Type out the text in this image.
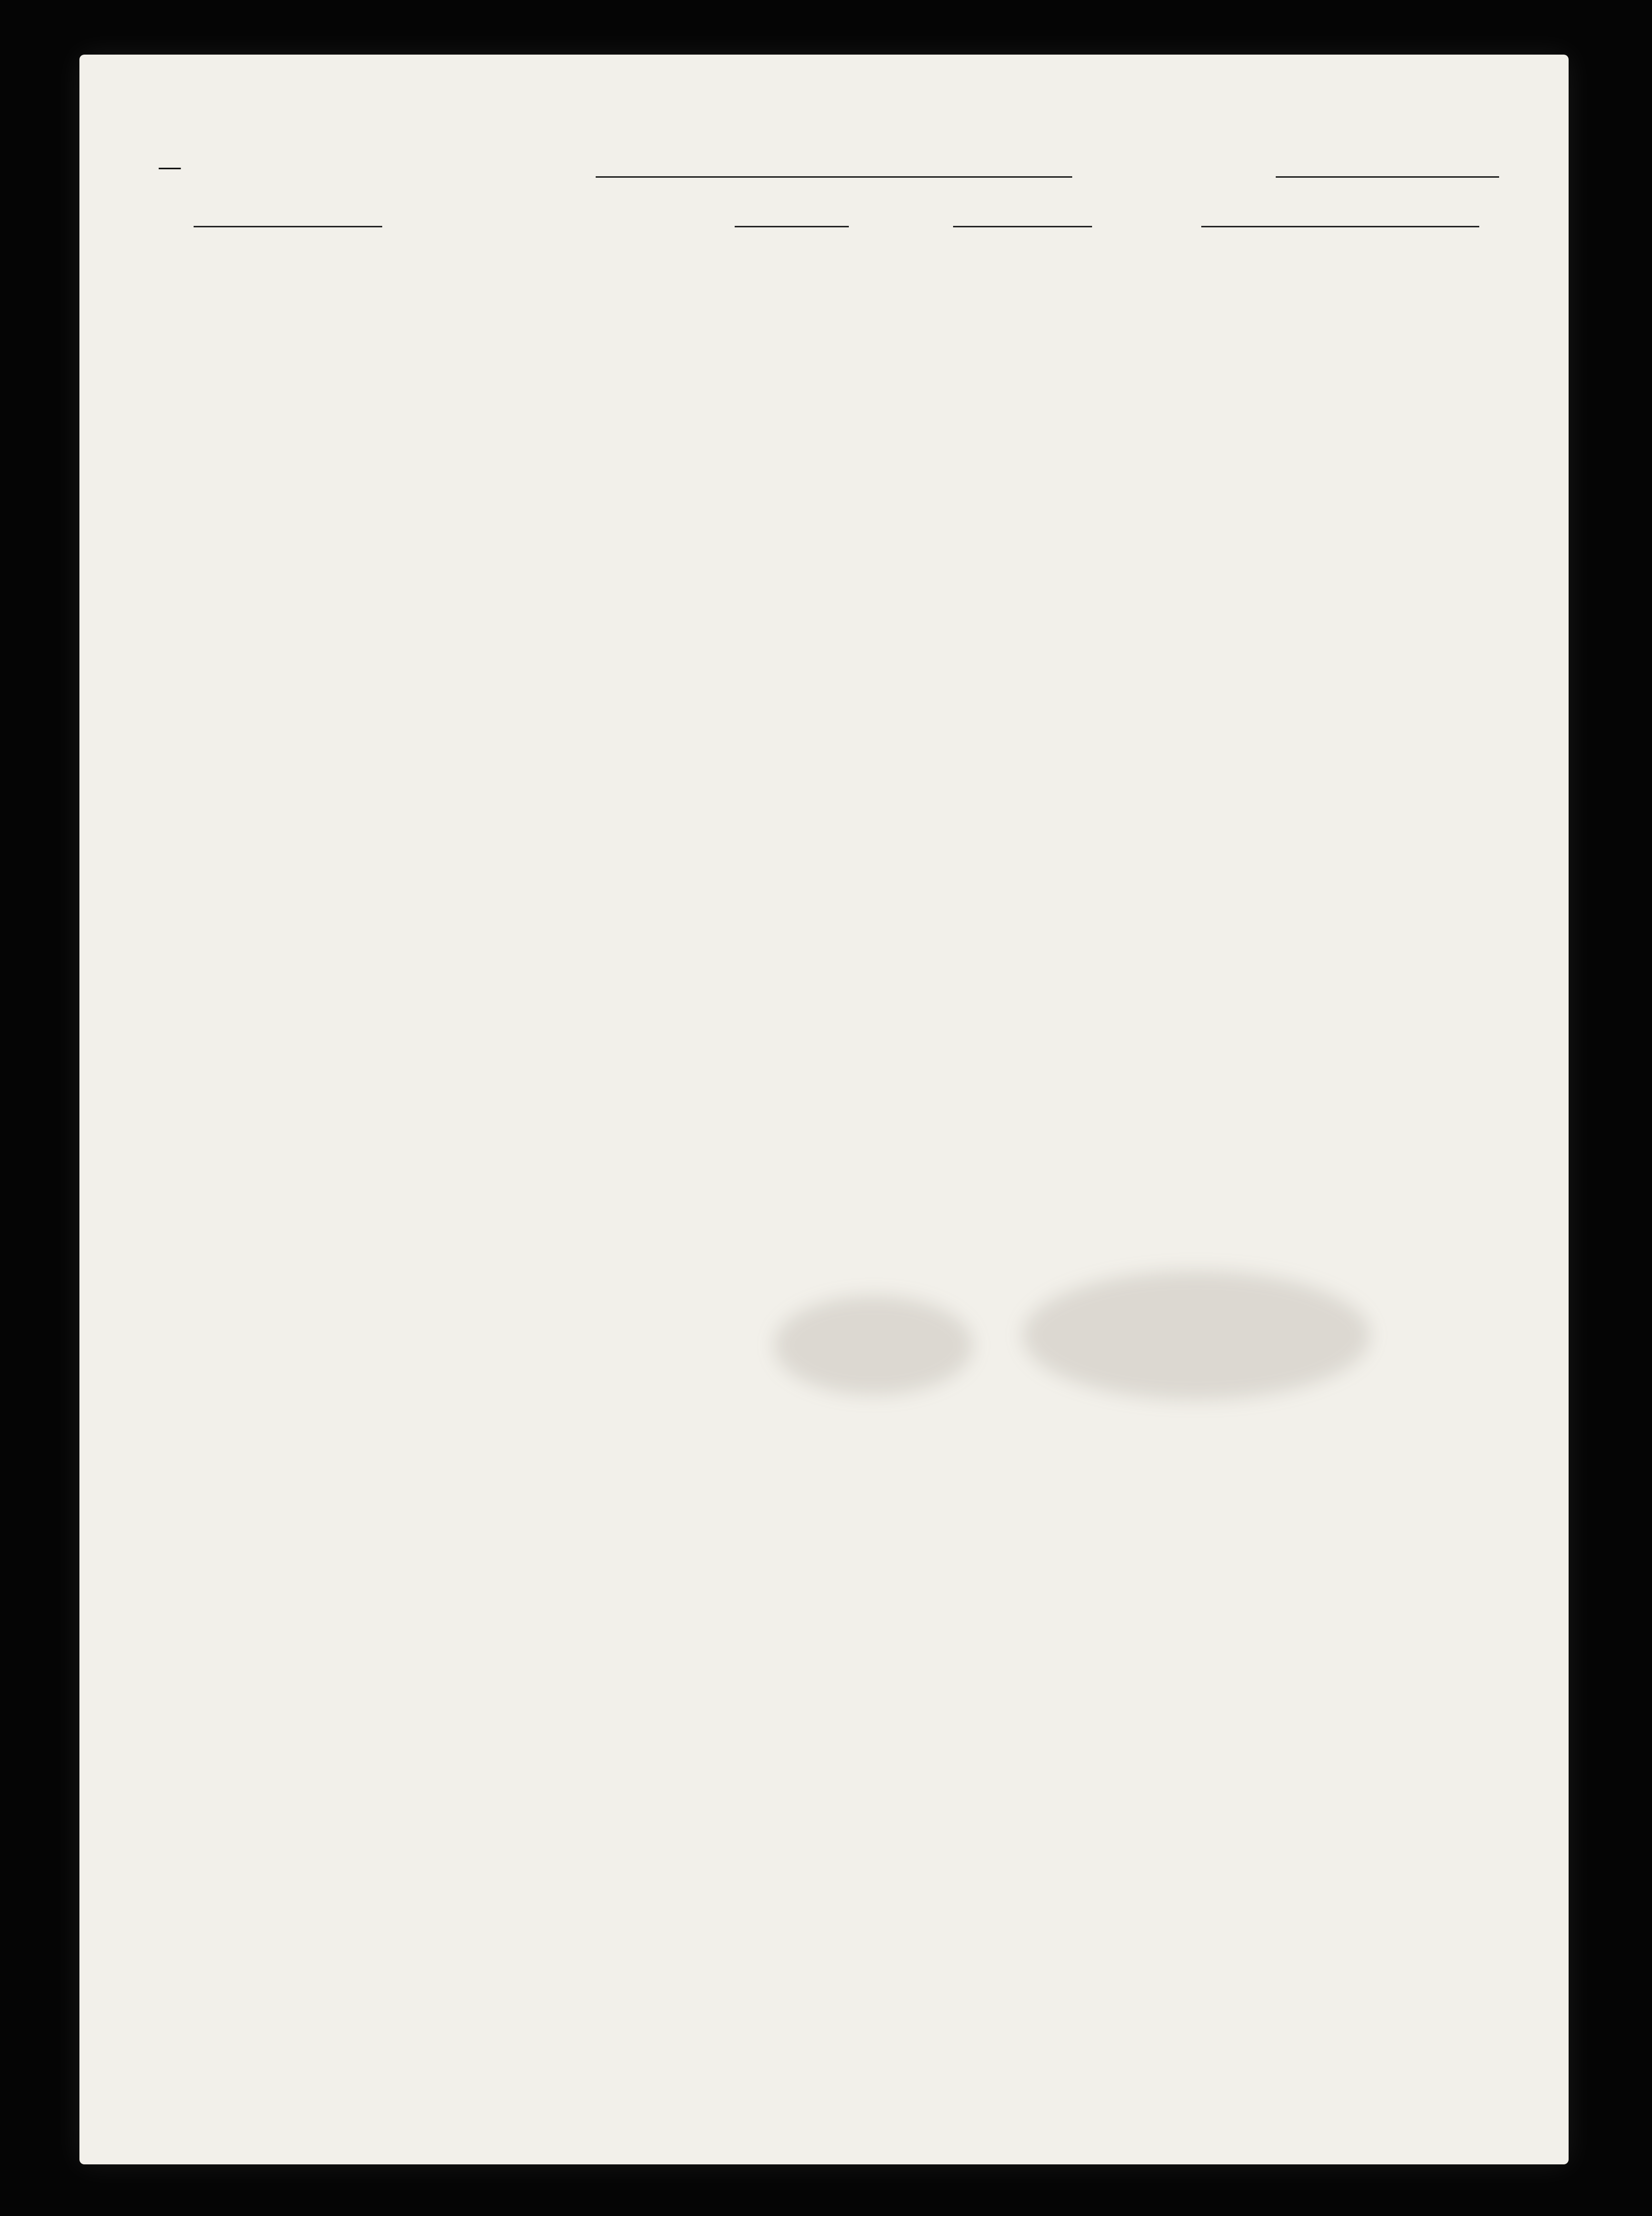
—
